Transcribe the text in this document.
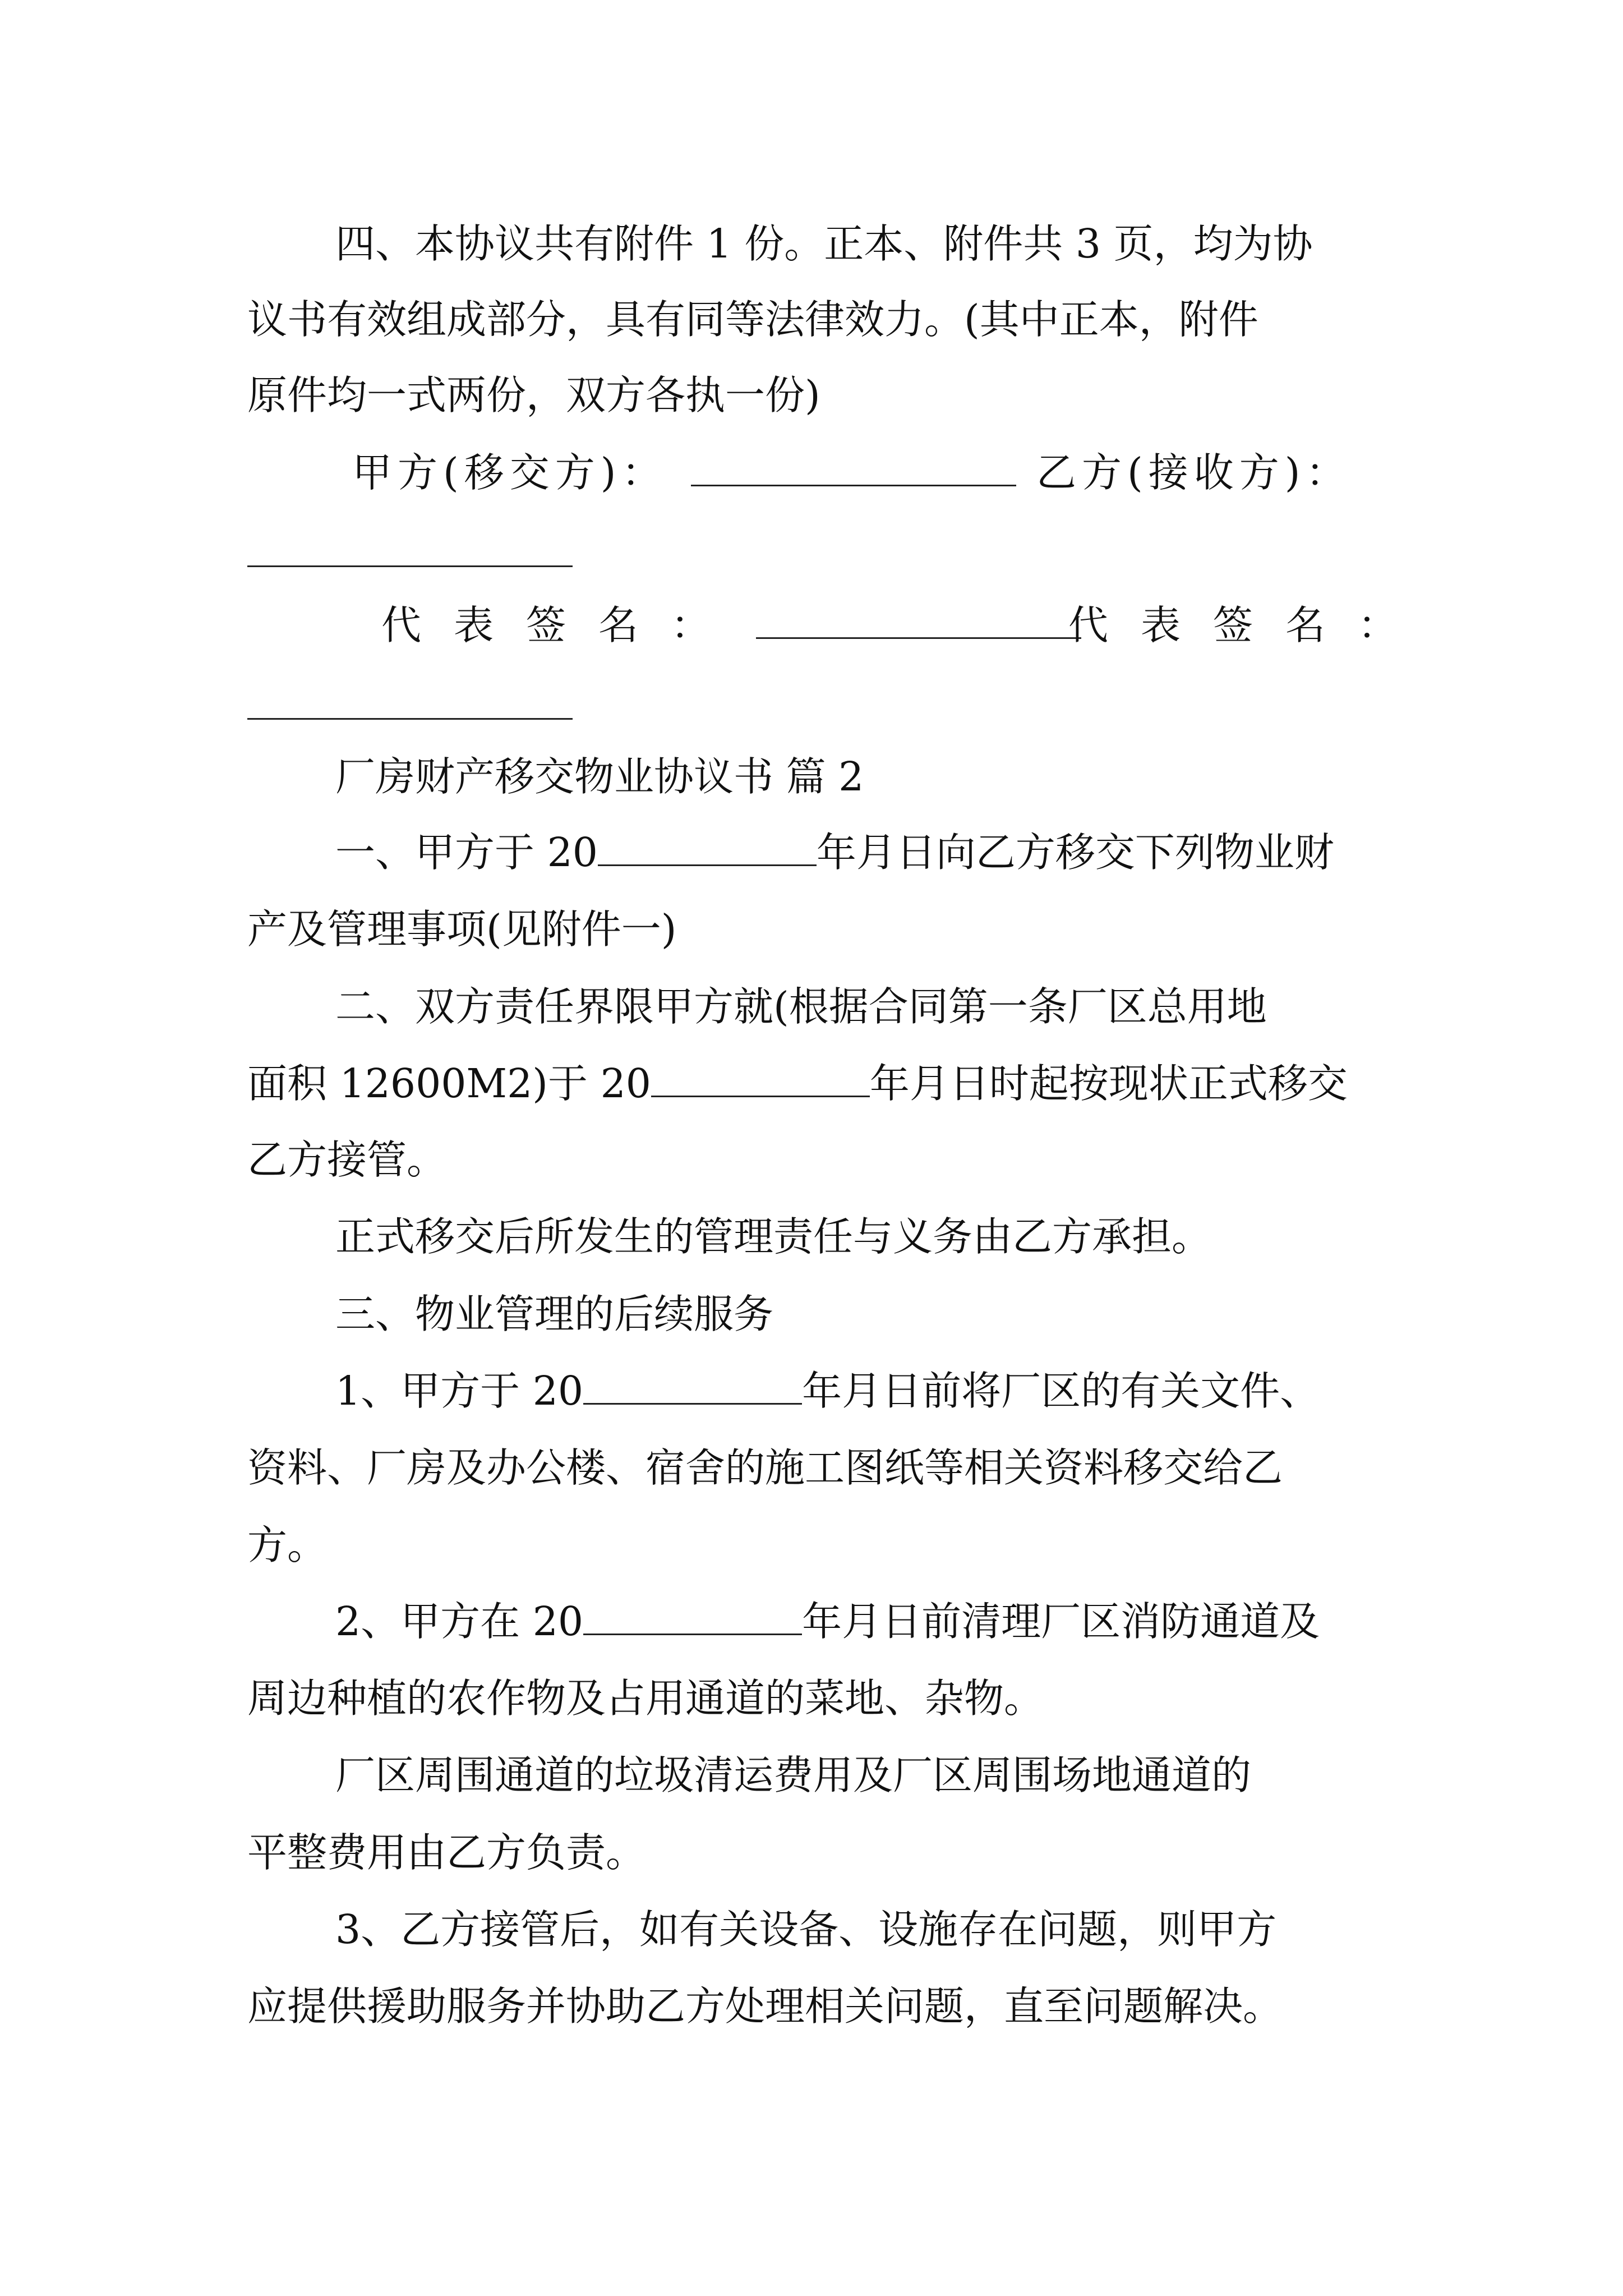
四、本协议共有附件 1 份。正本、附件共 3 页，均为协
议书有效组成部分，具有同等法律效力。(其中正本，附件
原件均一式两份，双方各执一份)
甲方(移交方)：	乙方(接收方)：
代表签名：	代表签名：
厂房财产移交物业协议书 篇 2
一、甲方于 20	年月日向乙方移交下列物业财
产及管理事项(见附件一)
二、双方责任界限甲方就(根据合同第一条厂区总用地
面积 12600M2)于 20	年月日时起按现状正式移交
乙方接管。
正式移交后所发生的管理责任与义务由乙方承担。
三、物业管理的后续服务
1、甲方于 20	年月日前将厂区的有关文件、
资料、厂房及办公楼、宿舍的施工图纸等相关资料移交给乙
方。
2、甲方在 20	年月日前清理厂区消防通道及
周边种植的农作物及占用通道的菜地、杂物。
厂区周围通道的垃圾清运费用及厂区周围场地通道的
平整费用由乙方负责。
3、乙方接管后，如有关设备、设施存在问题，则甲方
应提供援助服务并协助乙方处理相关问题，直至问题解决。
